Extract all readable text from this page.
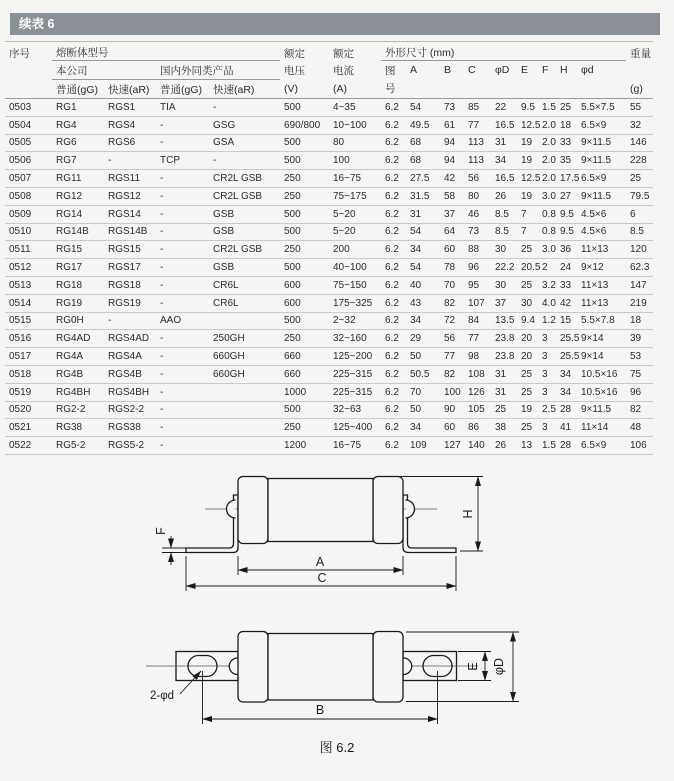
续表 6
序号	熔断体型号				额定	额定	外形尺寸 (mm)									重量
	本公司		国内外同类产品		电压	电流	图	A	B	C	φD	E	F	H	φd	
	普通(gG)	快速(aR)	普通(gG)	快速(aR)	(V)	(A)	号									(g)
0503	RG1	RGS1	TIA	-	500	4~35	6.2	54	73	85	22	9.5	1.5	25	5.5×7.5	55
0504	RG4	RGS4	-	GSG	690/800	10~100	6.2	49.5	61	77	16.5	12.5	2.0	18	6.5×9	32
0505	RG6	RGS6	-	GSA	500	80	6.2	68	94	113	31	19	2.0	33	9×11.5	146
0506	RG7	-	TCP	-	500	100	6.2	68	94	113	34	19	2.0	35	9×11.5	228
0507	RG11	RGS11	-	CR2L GSB	250	16~75	6.2	27.5	42	56	16.5	12.5	2.0	17.5	6.5×9	25
0508	RG12	RGS12	-	CR2L GSB	250	75~175	6.2	31.5	58	80	26	19	3.0	27	9×11.5	79.5
0509	RG14	RGS14	-	GSB	500	5~20	6.2	31	37	46	8.5	7	0.8	9.5	4.5×6	6
0510	RG14B	RGS14B	-	GSB	500	5~20	6.2	54	64	73	8.5	7	0.8	9.5	4.5×6	8.5
0511	RG15	RGS15	-	CR2L GSB	250	200	6.2	34	60	88	30	25	3.0	36	11×13	120
0512	RG17	RGS17	-	GSB	500	40~100	6.2	54	78	96	22.2	20.5	2	24	9×12	62.3
0513	RG18	RGS18	-	CR6L	600	75~150	6.2	40	70	95	30	25	3.2	33	11×13	147
0514	RG19	RGS19	-	CR6L	600	175~325	6.2	43	82	107	37	30	4.0	42	11×13	219
0515	RG0H	-	AAO		500	2~32	6.2	34	72	84	13.5	9.4	1.2	15	5.5×7.8	18
0516	RG4AD	RGS4AD	-	250GH	250	32~160	6.2	29	56	77	23.8	20	3	25.5	9×14	39
0517	RG4A	RGS4A	-	660GH	660	125~200	6.2	50	77	98	23.8	20	3	25.5	9×14	53
0518	RG4B	RGS4B	-	660GH	660	225~315	6.2	50.5	82	108	31	25	3	34	10.5×16	75
0519	RG4BH	RGS4BH	-		1000	225~315	6.2	70	100	126	31	25	3	34	10.5×16	96
0520	RG2-2	RGS2-2	-		500	32~63	6.2	50	90	105	25	19	2.5	28	9×11.5	82
0521	RG38	RGS38	-		250	125~400	6.2	34	60	86	38	25	3	41	11×14	48
0522	RG5-2	RGS5-2	-		1200	16~75	6.2	109	127	140	26	13	1.5	28	6.5×9	106
F
H
A
C
E φD
B
2-φd
图 6.2
